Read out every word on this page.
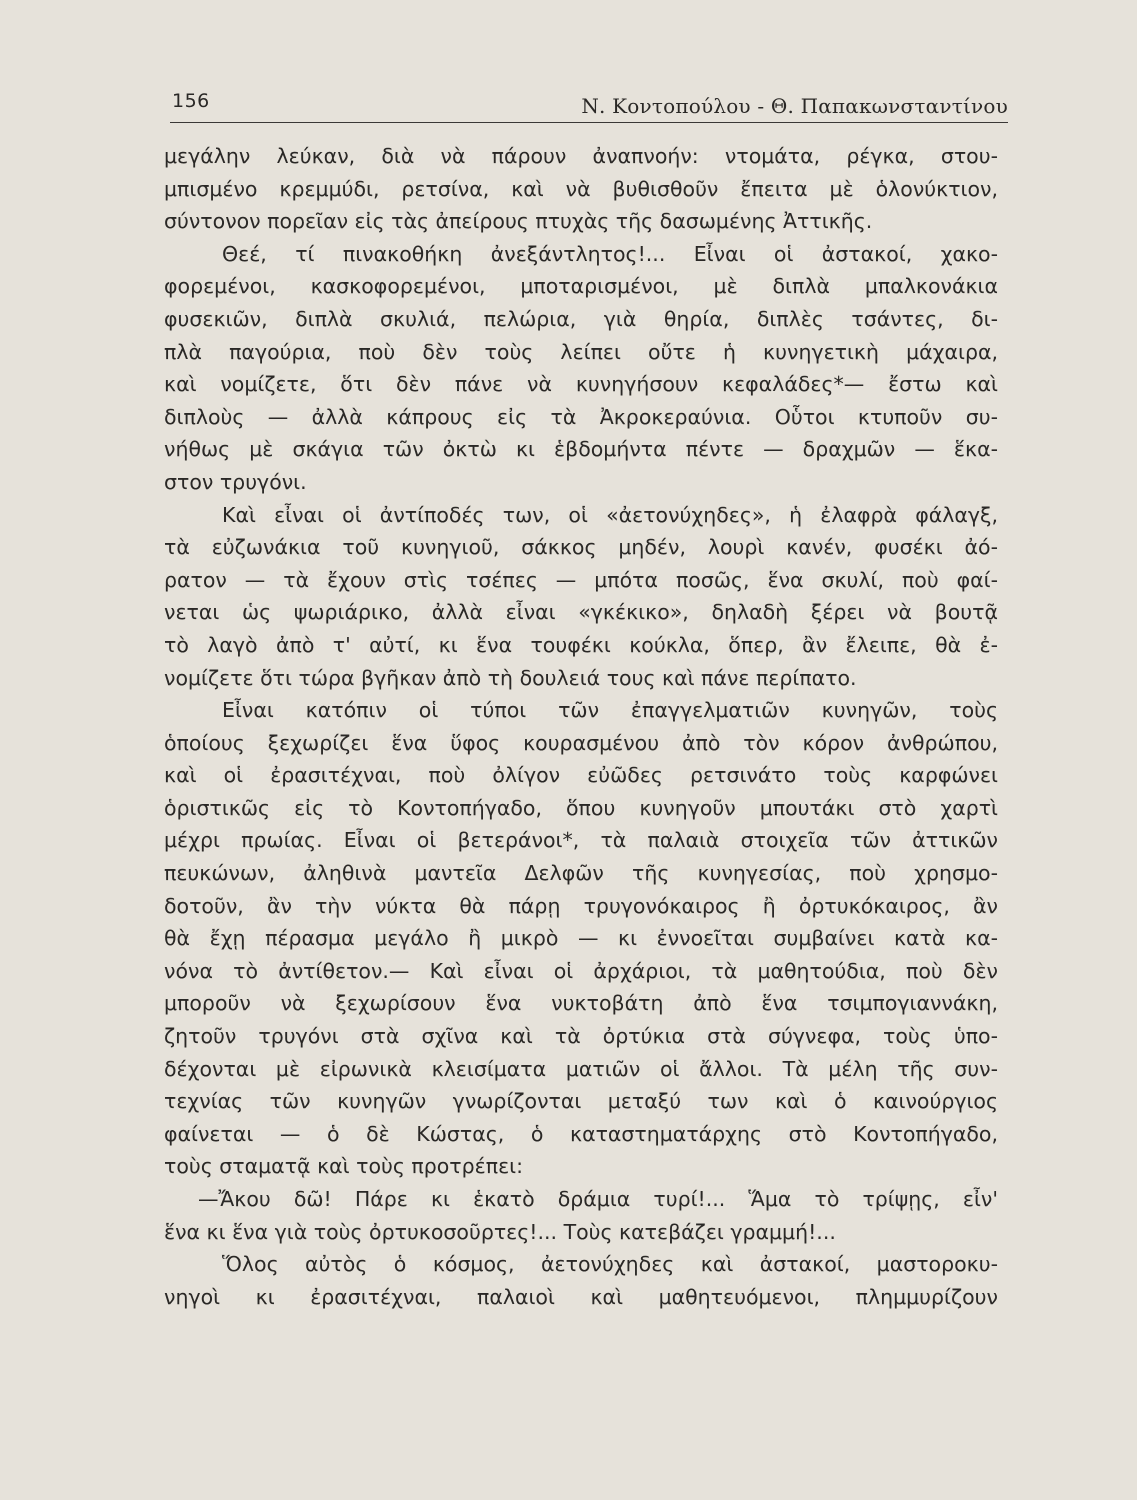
156	Ν. Κοντοπούλου - Θ. Παπακωνσταντίνου
μεγάλην λεύκαν, διὰ νὰ πάρουν ἀναπνοήν: ντομάτα, ρέγκα, στου-
μπισμένο κρεμμύδι, ρετσίνα, καὶ νὰ βυθισθοῦν ἔπειτα μὲ ὁλονύκτιον,
σύντονον πορεῖαν εἰς τὰς ἀπείρους πτυχὰς τῆς δασωμένης Ἀττικῆς.
Θεέ, τί πινακοθήκη ἀνεξάντλητος!... Εἶναι οἱ ἀστακοί, χακο-
φορεμένοι, κασκοφορεμένοι, μποταρισμένοι, μὲ διπλὰ μπαλκονάκια
φυσεκιῶν, διπλὰ σκυλιά, πελώρια, γιὰ θηρία, διπλὲς τσάντες, δι-
πλὰ παγούρια, ποὺ δὲν τοὺς λείπει οὔτε ἡ κυνηγετικὴ μάχαιρα,
καὶ νομίζετε, ὅτι δὲν πάνε νὰ κυνηγήσουν κεφαλάδες*— ἔστω καὶ
διπλοὺς — ἀλλὰ κάπρους εἰς τὰ Ἀκροκεραύνια. Οὗτοι κτυποῦν συ-
νήθως μὲ σκάγια τῶν ὀκτὼ κι ἑβδομήντα πέντε — δραχμῶν — ἕκα-
στον τρυγόνι.
Καὶ εἶναι οἱ ἀντίποδές των, οἱ «ἀετονύχηδες», ἡ ἐλαφρὰ φάλαγξ,
τὰ εὐζωνάκια τοῦ κυνηγιοῦ, σάκκος μηδέν, λουρὶ κανέν, φυσέκι ἀό-
ρατον — τὰ ἔχουν στὶς τσέπες — μπότα ποσῶς, ἕνα σκυλί, ποὺ φαί-
νεται ὡς ψωριάρικο, ἀλλὰ εἶναι «γκέκικο», δηλαδὴ ξέρει νὰ βουτᾷ
τὸ λαγὸ ἀπὸ τ' αὐτί, κι ἕνα τουφέκι κούκλα, ὅπερ, ἂν ἔλειπε, θὰ ἐ-
νομίζετε ὅτι τώρα βγῆκαν ἀπὸ τὴ δουλειά τους καὶ πάνε περίπατο.
Εἶναι κατόπιν οἱ τύποι τῶν ἐπαγγελματιῶν κυνηγῶν, τοὺς
ὁποίους ξεχωρίζει ἕνα ὕφος κουρασμένου ἀπὸ τὸν κόρον ἀνθρώπου,
καὶ οἱ ἐρασιτέχναι, ποὺ ὀλίγον εὐῶδες ρετσινάτο τοὺς καρφώνει
ὁριστικῶς εἰς τὸ Κοντοπήγαδο, ὅπου κυνηγοῦν μπουτάκι στὸ χαρτὶ
μέχρι πρωίας. Εἶναι οἱ βετεράνοι*, τὰ παλαιὰ στοιχεῖα τῶν ἀττικῶν
πευκώνων, ἀληθινὰ μαντεῖα Δελφῶν τῆς κυνηγεσίας, ποὺ χρησμο-
δοτοῦν, ἂν τὴν νύκτα θὰ πάρῃ τρυγονόκαιρος ἢ ὀρτυκόκαιρος, ἂν
θὰ ἔχῃ πέρασμα μεγάλο ἢ μικρὸ — κι ἐννοεῖται συμβαίνει κατὰ κα-
νόνα τὸ ἀντίθετον.— Καὶ εἶναι οἱ ἀρχάριοι, τὰ μαθητούδια, ποὺ δὲν
μποροῦν νὰ ξεχωρίσουν ἕνα νυκτοβάτη ἀπὸ ἕνα τσιμπογιαννάκη,
ζητοῦν τρυγόνι στὰ σχῖνα καὶ τὰ ὀρτύκια στὰ σύγνεφα, τοὺς ὑπο-
δέχονται μὲ εἰρωνικὰ κλεισίματα ματιῶν οἱ ἄλλοι. Τὰ μέλη τῆς συν-
τεχνίας τῶν κυνηγῶν γνωρίζονται μεταξύ των καὶ ὁ καινούργιος
φαίνεται — ὁ δὲ Κώστας, ὁ καταστηματάρχης στὸ Κοντοπήγαδο,
τοὺς σταματᾷ καὶ τοὺς προτρέπει:
—Ἄκου δῶ! Πάρε κι ἑκατὸ δράμια τυρί!... Ἅμα τὸ τρίψῃς, εἶν'
ἕνα κι ἕνα γιὰ τοὺς ὀρτυκοσοῦρτες!... Τοὺς κατεβάζει γραμμή!...
Ὅλος αὐτὸς ὁ κόσμος, ἀετονύχηδες καὶ ἀστακοί, μαστοροκυ-
νηγοὶ κι ἐρασιτέχναι, παλαιοὶ καὶ μαθητευόμενοι, πλημμυρίζουν
